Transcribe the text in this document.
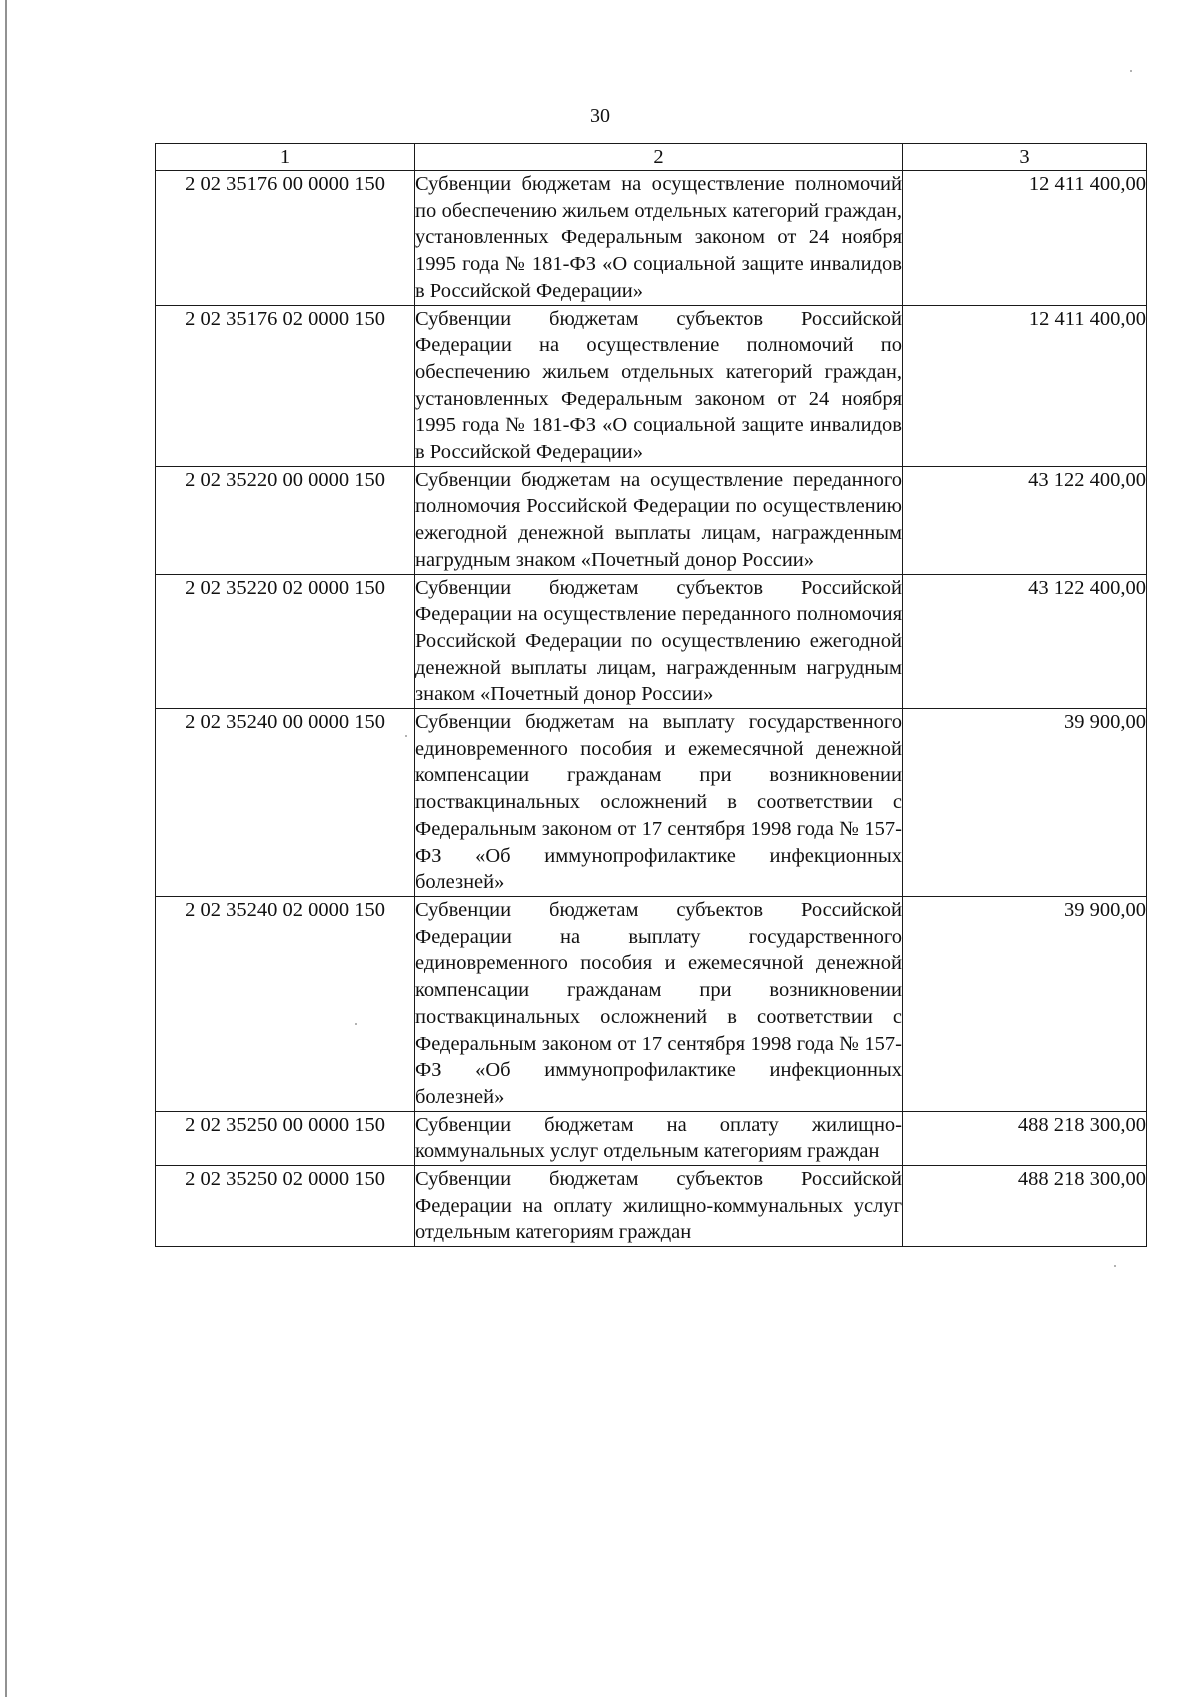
30
1	2	3
2 02 35176 00 0000 150	Субвенции бюджетам на осуществление полномочий по обеспечению жильем отдельных категорий граждан, установленных Федеральным законом от 24 ноября 1995 года № 181-ФЗ «О социальной защите инвалидов в Российской Федерации»	12 411 400,00
2 02 35176 02 0000 150	Субвенции бюджетам субъектов Российской Федерации на осуществление полномочий по обеспечению жильем отдельных категорий граждан, установленных Федеральным законом от 24 ноября 1995 года № 181-ФЗ «О социальной защите инвалидов в Российской Федерации»	12 411 400,00
2 02 35220 00 0000 150	Субвенции бюджетам на осуществление переданного полномочия Российской Федерации по осуществлению ежегодной денежной выплаты лицам, награжденным нагрудным знаком «Почетный донор России»	43 122 400,00
2 02 35220 02 0000 150	Субвенции бюджетам субъектов Российской Федерации на осуществление переданного полномочия Российской Федерации по осуществлению ежегодной денежной выплаты лицам, награжденным нагрудным знаком «Почетный донор России»	43 122 400,00
2 02 35240 00 0000 150	Субвенции бюджетам на выплату государственного единовременного пособия и ежемесячной денежной компенсации гражданам при возникновении поствакцинальных осложнений в соответствии с Федеральным законом от 17 сентября 1998 года № 157-ФЗ «Об иммунопрофилактике инфекционных болезней»	39 900,00
2 02 35240 02 0000 150	Субвенции бюджетам субъектов Российской Федерации на выплату государственного единовременного пособия и ежемесячной денежной компенсации гражданам при возникновении поствакцинальных осложнений в соответствии с Федеральным законом от 17 сентября 1998 года № 157-ФЗ «Об иммунопрофилактике инфекционных болезней»	39 900,00
2 02 35250 00 0000 150	Субвенции бюджетам на оплату жилищно-коммунальных услуг отдельным категориям граждан	488 218 300,00
2 02 35250 02 0000 150	Субвенции бюджетам субъектов Российской Федерации на оплату жилищно-коммунальных услуг отдельным категориям граждан	488 218 300,00
